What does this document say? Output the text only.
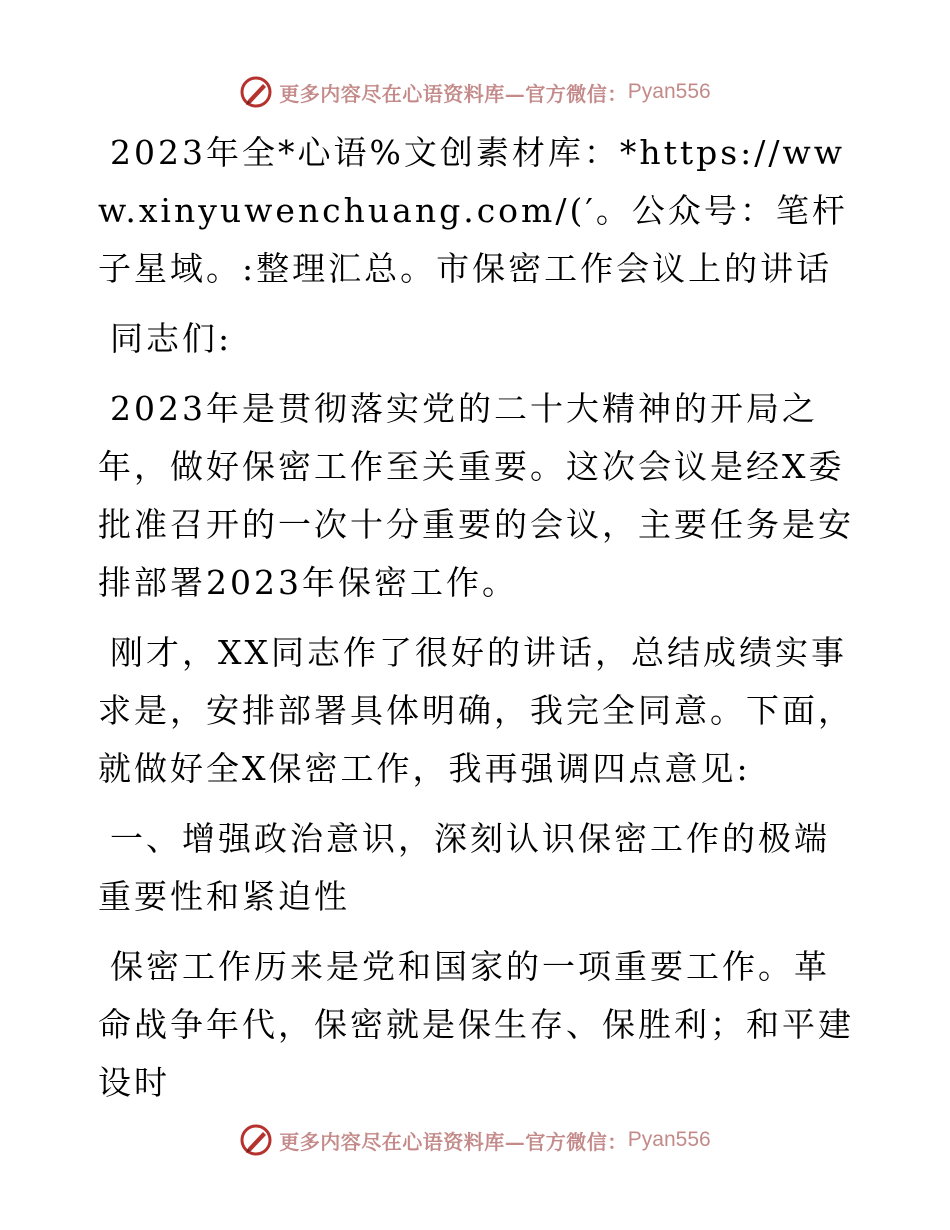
更多内容尽在心语资料库—官方微信： Pyan556

2023年全*心语%文创素材库：*https://www.xinyuwenchuang.com/(′。公众号：笔杆子星域。:整理汇总。市保密工作会议上的讲话

同志们:

2023年是贯彻落实党的二十大精神的开局之年，做好保密工作至关重要。这次会议是经X委批准召开的一次十分重要的会议，主要任务是安排部署2023年保密工作。

刚才，XX同志作了很好的讲话，总结成绩实事求是，安排部署具体明确，我完全同意。下面，就做好全X保密工作，我再强调四点意见:

一、增强政治意识，深刻认识保密工作的极端重要性和紧迫性

保密工作历来是党和国家的一项重要工作。革命战争年代，保密就是保生存、保胜利；和平建设时

更多内容尽在心语资料库—官方微信： Pyan556
